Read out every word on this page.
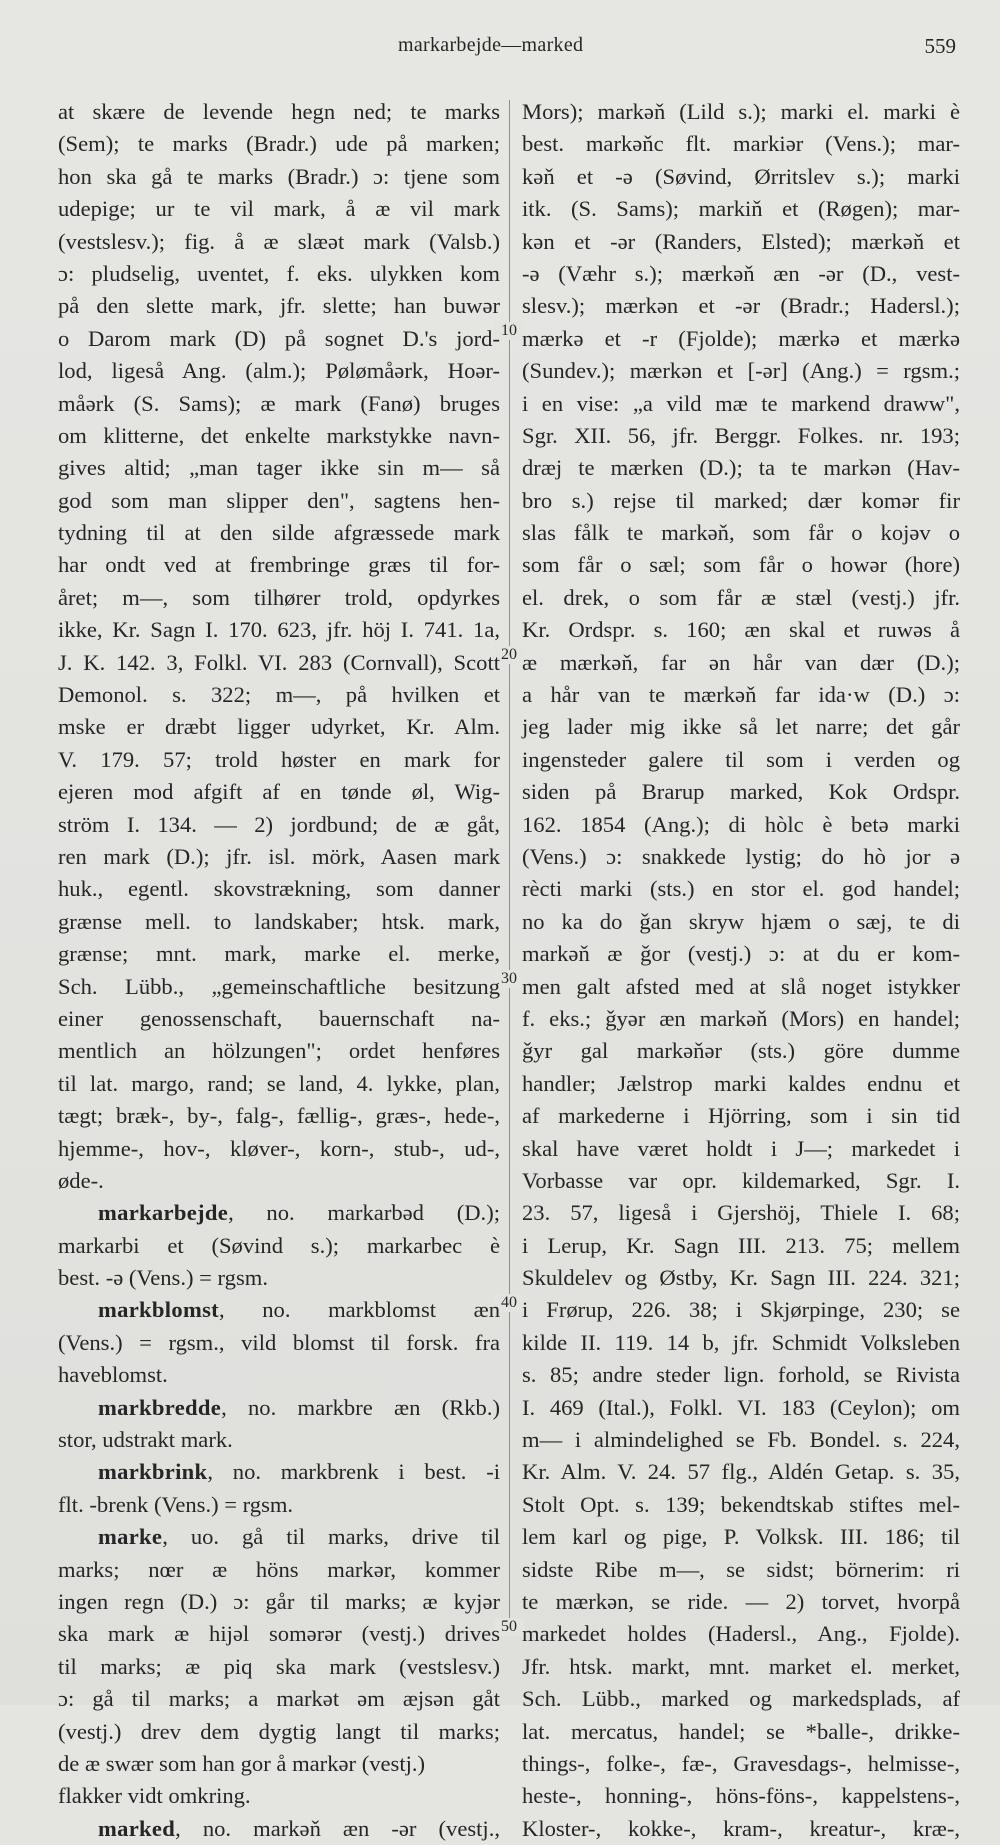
markarbejde—marked	559
10
20
30
40
50
at skære de levende hegn ned; te marks
(Sem); te marks (Bradr.) ude på marken;
hon ska gå te marks (Bradr.) ɔ: tjene som
udepige; ur te vil mark, å æ vil mark
(vestslesv.); fig. å æ slæət mark (Valsb.)
ɔ: pludselig, uventet, f. eks. ulykken kom
på den slette mark, jfr. slette; han buwər
o Darom mark (D) på sognet D.'s jord-
lod, ligeså Ang. (alm.); Pølømåərk, Hoər-
måərk (S. Sams); æ mark (Fanø) bruges
om klitterne, det enkelte markstykke navn-
gives altid; „man tager ikke sin m— så
god som man slipper den", sagtens hen-
tydning til at den silde afgræssede mark
har ondt ved at frembringe græs til for-
året; m—, som tilhører trold, opdyrkes
ikke, Kr. Sagn I. 170. 623, jfr. höj I. 741. 1a,
J. K. 142. 3, Folkl. VI. 283 (Cornvall), Scott
Demonol. s. 322; m—, på hvilken et
mske er dræbt ligger udyrket, Kr. Alm.
V. 179. 57; trold høster en mark for
ejeren mod afgift af en tønde øl, Wig-
ström I. 134. — 2) jordbund; de æ gåt,
ren mark (D.); jfr. isl. mörk, Aasen mark
huk., egentl. skovstrækning, som danner
grænse mell. to landskaber; htsk. mark,
grænse; mnt. mark, marke el. merke,
Sch. Lübb., „gemeinschaftliche besitzung
einer genossenschaft, bauernschaft na-
mentlich an hölzungen"; ordet henføres
til lat. margo, rand; se land, 4. lykke, plan,
tægt; bræk-, by-, falg-, fællig-, græs-, hede-,
hjemme-, hov-, kløver-, korn-, stub-, ud-,
øde-.
markarbejde, no. markarbəd (D.);
markarbi et (Søvind s.); markarbec è
best. -ə (Vens.) = rgsm.
markblomst, no. markblomst æn
(Vens.) = rgsm., vild blomst til forsk. fra
haveblomst.
markbredde, no. markbre æn (Rkb.)
stor, udstrakt mark.
markbrink, no. markbrenk i best. -i
flt. -brenk (Vens.) = rgsm.
marke, uo. gå til marks, drive til
marks; nœr æ höns markər, kommer
ingen regn (D.) ɔ: går til marks; æ kyjər
ska mark æ hijəl somərər (vestj.) drives
til marks; æ piq ska mark (vestslesv.)
ɔ: gå til marks; a markət əm æjsən gåt
(vestj.) drev dem dygtig langt til marks;
de æ swær som han gor å markər (vestj.)
flakker vidt omkring.
marked, no. markəň æn -ər (vestj.,
Mors); markəň (Lild s.); marki el. marki è
best. markəňc flt. markiər (Vens.); mar-
kəň et -ə (Søvind, Ørritslev s.); marki
itk. (S. Sams); markiň et (Røgen); mar-
kən et -ər (Randers, Elsted); mærkəň et
-ə (Væhr s.); mærkəň æn -ər (D., vest-
slesv.); mærkən et -ər (Bradr.; Hadersl.);
mærkə et -r (Fjolde); mærkə et mærkə
(Sundev.); mærkən et [-ər] (Ang.) = rgsm.;
i en vise: „a vild mæ te markend draww",
Sgr. XII. 56, jfr. Berggr. Folkes. nr. 193;
dræj te mærken (D.); ta te markən (Hav-
bro s.) rejse til marked; dær komər fir
slas fålk te markəň, som får o kojəv o
som får o sæl; som får o howər (hore)
el. drek, o som får æ stæl (vestj.) jfr.
Kr. Ordspr. s. 160; æn skal et ruwəs å
æ mærkəň, far ən hår van dær (D.);
a hår van te mærkəň far ida·w (D.) ɔ:
jeg lader mig ikke så let narre; det går
ingensteder galere til som i verden og
siden på Brarup marked, Kok Ordspr.
162. 1854 (Ang.); di hòlc è betə marki
(Vens.) ɔ: snakkede lystig; do hò jor ə
rècti marki (sts.) en stor el. god handel;
no ka do ǧan skryw hjæm o sæj, te di
markəň æ ǧor (vestj.) ɔ: at du er kom-
men galt afsted med at slå noget istykker
f. eks.; ǧyər æn markəň (Mors) en handel;
ǧyr gal markəňər (sts.) göre dumme
handler; Jælstrop marki kaldes endnu et
af markederne i Hjörring, som i sin tid
skal have været holdt i J—; markedet i
Vorbasse var opr. kildemarked, Sgr. I.
23. 57, ligeså i Gjershöj, Thiele I. 68;
i Lerup, Kr. Sagn III. 213. 75; mellem
Skuldelev og Østby, Kr. Sagn III. 224. 321;
i Frørup, 226. 38; i Skjørpinge, 230; se
kilde II. 119. 14 b, jfr. Schmidt Volksleben
s. 85; andre steder lign. forhold, se Rivista
I. 469 (Ital.), Folkl. VI. 183 (Ceylon); om
m— i almindelighed se Fb. Bondel. s. 224,
Kr. Alm. V. 24. 57 flg., Aldén Getap. s. 35,
Stolt Opt. s. 139; bekendtskab stiftes mel-
lem karl og pige, P. Volksk. III. 186; til
sidste Ribe m—, se sidst; börnerim: ri
te mærkən, se ride. — 2) torvet, hvorpå
markedet holdes (Hadersl., Ang., Fjolde).
Jfr. htsk. markt, mnt. market el. merket,
Sch. Lübb., marked og markedsplads, af
lat. mercatus, handel; se *balle-, drikke-
things-, folke-, fæ-, Gravesdags-, helmisse-,
heste-, honning-, höns-föns-, kappelstens-,
Kloster-, kokke-, kram-, kreatur-, kræ-,
